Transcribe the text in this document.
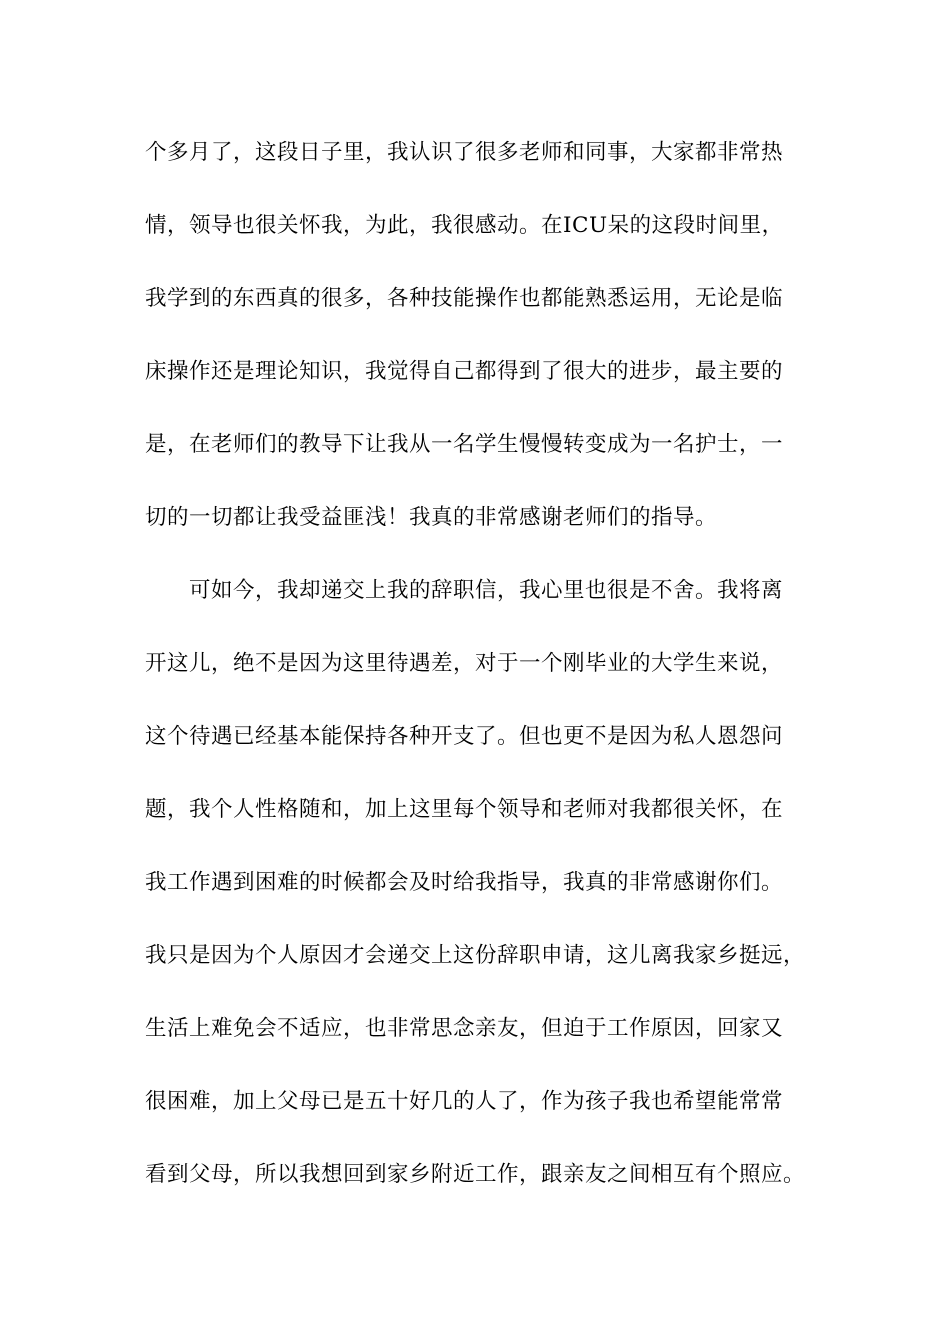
个多月了，这段日子里，我认识了很多老师和同事，大家都非常热
情，领导也很关怀我，为此，我很感动。在ICU呆的这段时间里，
我学到的东西真的很多，各种技能操作也都能熟悉运用，无论是临
床操作还是理论知识，我觉得自己都得到了很大的进步，最主要的
是，在老师们的教导下让我从一名学生慢慢转变成为一名护士，一
切的一切都让我受益匪浅！我真的非常感谢老师们的指导。
可如今，我却递交上我的辞职信，我心里也很是不舍。我将离
开这儿，绝不是因为这里待遇差，对于一个刚毕业的大学生来说，
这个待遇已经基本能保持各种开支了。但也更不是因为私人恩怨问
题，我个人性格随和，加上这里每个领导和老师对我都很关怀，在
我工作遇到困难的时候都会及时给我指导，我真的非常感谢你们。
我只是因为个人原因才会递交上这份辞职申请，这儿离我家乡挺远，
生活上难免会不适应，也非常思念亲友，但迫于工作原因，回家又
很困难，加上父母已是五十好几的人了，作为孩子我也希望能常常
看到父母，所以我想回到家乡附近工作，跟亲友之间相互有个照应。
